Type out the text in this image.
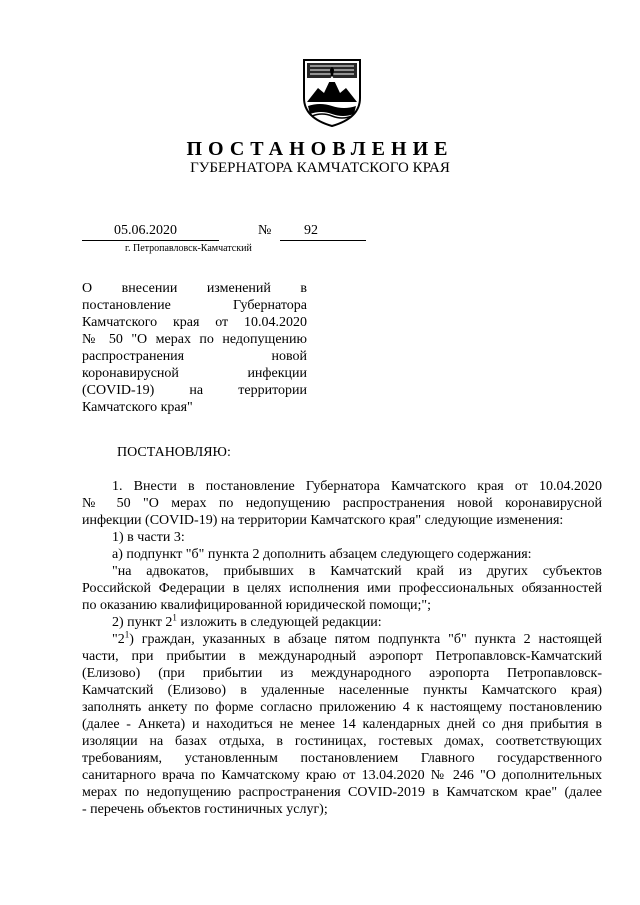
ПОСТАНОВЛЕНИЕ
ГУБЕРНАТОРА КАМЧАТСКОГО КРАЯ
05.06.2020	№ 92
г. Петропавловск-Камчатский
О внесении изменений в
постановление Губернатора
Камчатского края от 10.04.2020
№ 50 "О мерах по недопущению
распространения новой
коронавирусной инфекции
(COVID-19) на территории
Камчатского края"
ПОСТАНОВЛЯЮ:
1. Внести в постановление Губернатора Камчатского края от 10.04.2020
№ 50 "О мерах по недопущению распространения новой коронавирусной
инфекции (COVID-19) на территории Камчатского края" следующие изменения:
1) в части 3:
а) подпункт "б" пункта 2 дополнить абзацем следующего содержания:
"на адвокатов, прибывших в Камчатский край из других субъектов
Российской Федерации в целях исполнения ими профессиональных обязанностей
по оказанию квалифицированной юридической помощи;";
2) пункт $2^1$ изложить в следующей редакции:
"$2^1$) граждан, указанных в абзаце пятом подпункта "б" пункта 2 настоящей
части, при прибытии в международный аэропорт Петропавловск-Камчатский
(Елизово) (при прибытии из международного аэропорта Петропавловск-
Камчатский (Елизово) в удаленные населенные пункты Камчатского края)
заполнять анкету по форме согласно приложению 4 к настоящему постановлению
(далее - Анкета) и находиться не менее 14 календарных дней со дня прибытия в
изоляции на базах отдыха, в гостиницах, гостевых домах, соответствующих
требованиям, установленным постановлением Главного государственного
санитарного врача по Камчатскому краю от 13.04.2020 № 246 "О дополнительных
мерах по недопущению распространения COVID-2019 в Камчатском крае" (далее
- перечень объектов гостиничных услуг);
